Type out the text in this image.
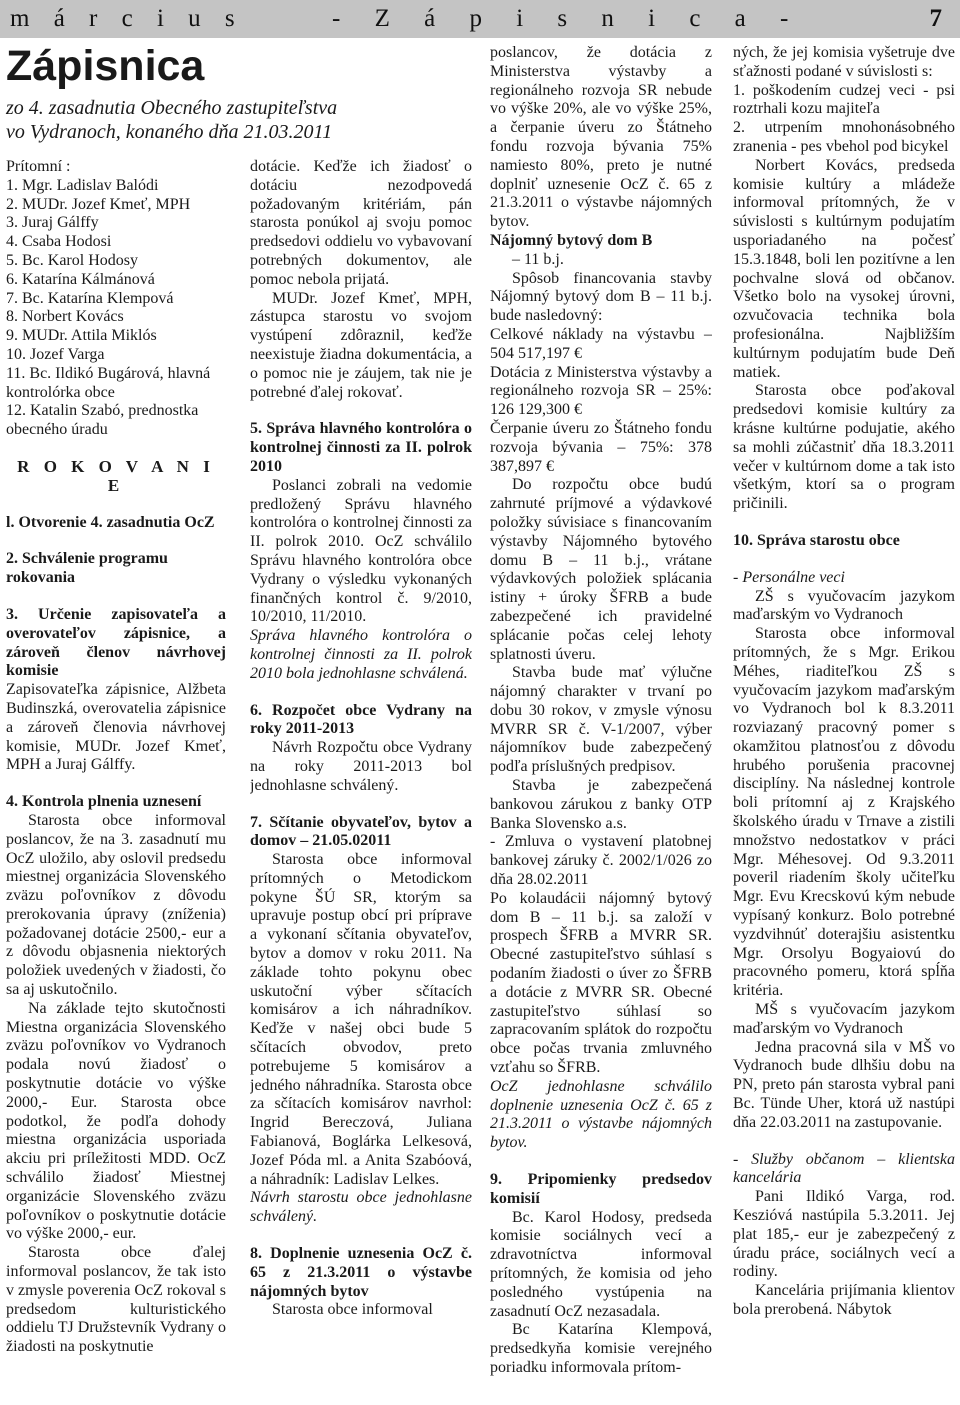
m á r c i u s	- Z á p i s n i c a -	7
Zápisnica
zo 4. zasadnutia Obecného zastupiteľstva
vo Vydranoch, konaného dňa 21.03.2011

Prítomní :

1. Mgr. Ladislav Balódi

2. MUDr. Jozef Kmeť, MPH

3. Juraj Gálffy

4. Csaba Hodosi

5. Bc. Karol Hodosy

6. Katarína Kálmánová

7. Bc. Katarína Klempová

8. Norbert Kovács

9. MUDr. Attila Miklós

10. Jozef Varga

11. Bc. Ildikó Bugárová, hlavná kontrolórka obce

12. Katalin Szabó, prednostka obecného úradu

R O K O V A N I E

l. Otvorenie 4. zasadnutia OcZ

2. Schválenie programu rokovania

3. Určenie zapisovateľa a overovateľov zápisnice, a zároveň členov návrhovej komisie

Zapisovateľka zápisnice, Alžbeta Budinszká, overovatelia zápisnice a zároveň členovia návrhovej komisie, MUDr. Jozef Kmeť, MPH a Juraj Gálffy.

4. Kontrola plnenia uznesení

Starosta obce informoval poslancov, že na 3. zasadnutí mu OcZ uložilo, aby oslovil predsedu miestnej organizácia Slovenského zväzu poľovníkov z dôvodu prerokovania úpravy (zníženia) požadovanej dotácie 2500,- eur a z dôvodu objasnenia niektorých položiek uvedených v žiadosti, čo sa aj uskutočnilo.

Na základe tejto skutočnosti Miestna organizácia Slovenského zväzu poľovníkov vo Vydranoch podala novú žiadosť o poskytnutie dotácie vo výške 2000,- Eur. Starosta obce podotkol, že podľa dohody miestna organizácia usporiada akciu pri príležitosti MDD. OcZ schválilo žiadosť Miestnej organizácie Slovenského zväzu poľovníkov o poskytnutie dotácie vo výške 2000,- eur.

Starosta obce ďalej informoval poslancov, že tak isto v zmysle poverenia OcZ rokoval s predsedom kulturistického oddielu TJ Družstevník Vydrany o žiadosti na poskytnutie

dotácie. Keďže ich žiadosť o dotáciu nezodpovedá požadovaným kritériám, pán starosta ponúkol aj svoju pomoc predsedovi oddielu vo vybavovaní potrebných dokumentov, ale pomoc nebola prijatá.

MUDr. Jozef Kmeť, MPH, zástupca starostu vo svojom vystúpení zdôraznil, keďže neexistuje žiadna dokumentácia, a o pomoc nie je záujem, tak nie je potrebné ďalej rokovať.

5. Správa hlavného kontrolóra o kontrolnej činnosti za II. polrok 2010

Poslanci zobrali na vedomie predložený Správu hlavného kontrolóra o kontrolnej činnosti za II. polrok 2010. OcZ schválilo Správu hlavného kontrolóra obce Vydrany o výsledku vykonaných finančných kontrol č. 9/2010, 10/2010, 11/2010.

Správa hlavného kontrolóra o kontrolnej činnosti za II. polrok 2010 bola jednohlasne schválená.

6. Rozpočet obce Vydrany na roky 2011-2013

Návrh Rozpočtu obce Vydrany na roky 2011-2013 bol jednohlasne schválený.

7. Sčítanie obyvateľov, bytov a domov – 21.05.02011

Starosta obce informoval prítomných o Metodickom pokyne ŠÚ SR, ktorým sa upravuje postup obcí pri príprave a vykonaní sčítania obyvateľov, bytov a domov v roku 2011. Na základe tohto pokynu obec uskutoční výber sčítacích komisárov a ich náhradníkov. Keďže v našej obci bude 5 sčítacích obvodov, preto potrebujeme 5 komisárov a jedného náhradníka. Starosta obce za sčítacích komisárov navrhol: Ingrid Bereczová, Juliana Fabianová, Boglárka Lelkesová, Jozef Póda ml. a Anita Szabóová, a náhradník: Ladislav Lelkes.

Návrh starostu obce jednohlasne schválený.

8. Doplnenie uznesenia OcZ č. 65 z 21.3.2011 o výstavbe nájomných bytov

Starosta obce informoval

poslancov, že dotácia z Ministerstva výstavby a regionálneho rozvoja SR nebude vo výške 20%, ale vo výške 25%, a čerpanie úveru zo Štátneho fondu rozvoja bývania 75% namiesto 80%, preto je nutné doplniť uznesenie OcZ č. 65 z 21.3.2011 o výstavbe nájomných bytov.

Nájomný bytový dom B

– 11 b.j.

Spôsob financovania stavby Nájomný bytový dom B – 11 b.j. bude nasledovný:

Celkové náklady na výstavbu – 504 517,197 €

Dotácia z Ministerstva výstavby a regionálneho rozvoja SR – 25%: 126 129,300 €

Čerpanie úveru zo Štátneho fondu rozvoja bývania – 75%: 378 387,897 €

Do rozpočtu obce budú zahrnuté príjmové a výdavkové položky súvisiace s financovaním výstavby Nájomného bytového domu B – 11 b.j., vrátane výdavkových položiek splácania istiny + úroky ŠFRB a bude zabezpečené ich pravidelné splácanie počas celej lehoty splatnosti úveru.

Stavba bude mať výlučne nájomný charakter v trvaní po dobu 30 rokov, v zmysle výnosu MVRR SR č. V-1/2007, výber nájomníkov bude zabezpečený podľa príslušných predpisov.

Stavba je zabezpečená bankovou zárukou z banky OTP Banka Slovensko a.s.

- Zmluva o vystavení platobnej bankovej záruky č. 2002/1/026 zo dňa 28.02.2011

Po kolaudácii nájomný bytový dom B – 11 b.j. sa založí v prospech ŠFRB a MVRR SR. Obecné zastupiteľstvo súhlasí s podaním žiadosti o úver zo ŠFRB a dotácie z MVRR SR. Obecné zastupiteľstvo súhlasí so zapracovaním splátok do rozpočtu obce počas trvania zmluvného vzťahu so ŠFRB.

OcZ jednohlasne schválilo doplnenie uznesenia OcZ č. 65 z 21.3.2011 o výstavbe nájomných bytov.

9. Pripomienky predsedov komisií

Bc. Karol Hodosy, predseda komisie sociálnych vecí a zdravotníctva informoval prítomných, že komisia od jeho posledného vystúpenia na zasadnutí OcZ nezasadala.

Bc Katarína Klempová, predsedkyňa komisie verejného poriadku informovala prítom-

ných, že jej komisia vyšetruje dve sťažnosti podané v súvislosti s:

1. poškodením cudzej veci - psi roztrhali kozu majiteľa

2. utrpením mnohonásobného zranenia - pes vbehol pod bicykel

Norbert Kovács, predseda komisie kultúry a mládeže informoval prítomných, že v súvislosti s kultúrnym podujatím usporiadaného na počesť 15.3.1848, boli len pozitívne a len pochvalne slová od občanov. Všetko bolo na vysokej úrovni, ozvučovacia technika bola profesionálna. Najbližším kultúrnym podujatím bude Deň matiek.

Starosta obce poďakoval predsedovi komisie kultúry za krásne kultúrne podujatie, akého sa mohli zúčastniť dňa 18.3.2011 večer v kultúrnom dome a tak isto všetkým, ktorí sa o program pričinili.

10. Správa starostu obce

- Personálne veci

ZŠ s vyučovacím jazykom maďarským vo Vydranoch

Starosta obce informoval prítomných, že s Mgr. Erikou Méhes, riaditeľkou ZŠ s vyučovacím jazykom maďarským vo Vydranoch bol k 8.3.2011 rozviazaný pracovný pomer s okamžitou platnosťou z dôvodu hrubého porušenia pracovnej disciplíny. Na následnej kontrole boli prítomní aj z Krajského školského úradu v Trnave a zistili množstvo nedostatkov v práci Mgr. Méhesovej. Od 9.3.2011 poveril riadením školy učiteľku Mgr. Evu Krecskovú kým nebude vypísaný konkurz. Bolo potrebné vyzdvihnúť doterajšiu asistentku Mgr. Orsolyu Bogyaiovú do pracovného pomeru, ktorá spĺňa kritéria.

MŠ s vyučovacím jazykom maďarským vo Vydranoch

Jedna pracovná sila v MŠ vo Vydranoch bude dlhšiu dobu na PN, preto pán starosta vybral pani Bc. Tünde Uher, ktorá už nastúpi dňa 22.03.2011 na zastupovanie.

- Služby občanom – klientska kancelária

Pani Ildikó Varga, rod. Keszióvá nastúpila 5.3.2011. Jej plat 185,- eur je zabezpečený z úradu práce, sociálnych vecí a rodiny.

Kancelária prijímania klientov bola prerobená. Nábytok
